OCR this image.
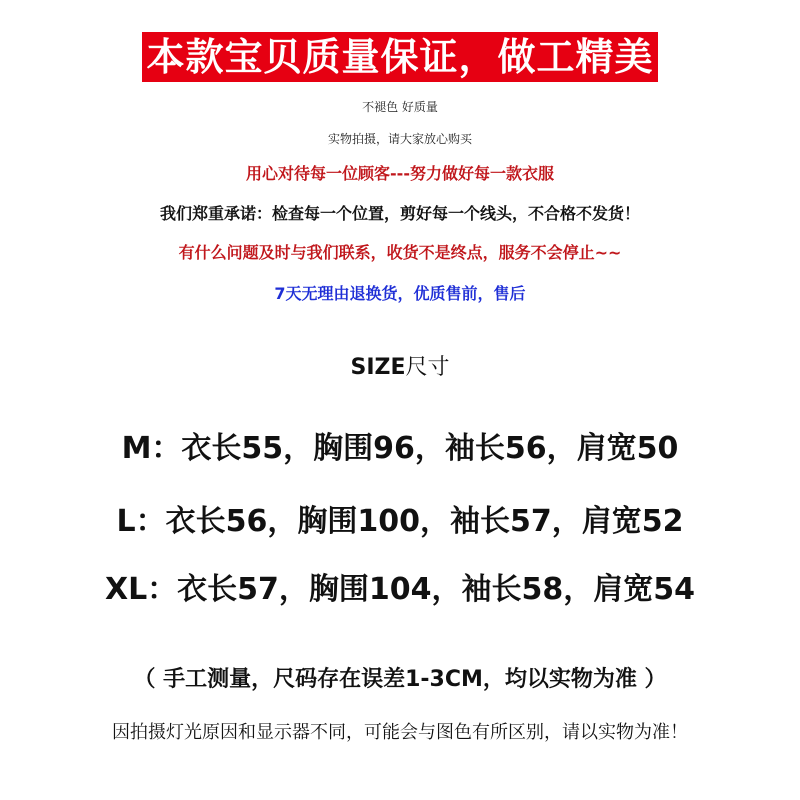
本款宝贝质量保证，做工精美
不褪色 好质量
实物拍摄，请大家放心购买
用心对待每一位顾客---努力做好每一款衣服
我们郑重承诺：检查每一个位置，剪好每一个线头，不合格不发货！
有什么问题及时与我们联系，收货不是终点，服务不会停止~~
7天无理由退换货，优质售前，售后
SIZE尺寸
M：衣长55，胸围96，袖长56，肩宽50
L：衣长56，胸围100，袖长57，肩宽52
XL：衣长57，胸围104，袖长58，肩宽54
（ 手工测量，尺码存在误差1-3CM，均以实物为准 ）
因拍摄灯光原因和显示器不同，可能会与图色有所区别，请以实物为准！
